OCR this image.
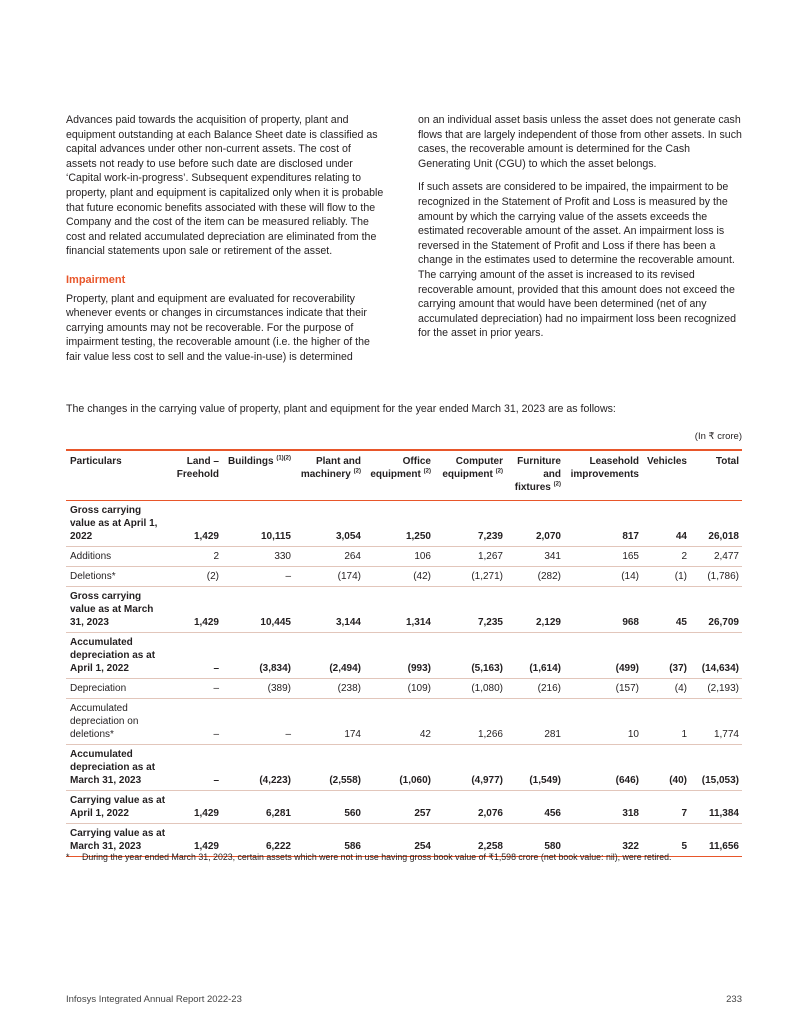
Advances paid towards the acquisition of property, plant and equipment outstanding at each Balance Sheet date is classified as capital advances under other non-current assets. The cost of assets not ready to use before such date are disclosed under ‘Capital work-in-progress’. Subsequent expenditures relating to property, plant and equipment is capitalized only when it is probable that future economic benefits associated with these will flow to the Company and the cost of the item can be measured reliably. The cost and related accumulated depreciation are eliminated from the financial statements upon sale or retirement of the asset.

Impairment

Property, plant and equipment are evaluated for recoverability whenever events or changes in circumstances indicate that their carrying amounts may not be recoverable. For the purpose of impairment testing, the recoverable amount (i.e. the higher of the fair value less cost to sell and the value-in-use) is determined

on an individual asset basis unless the asset does not generate cash flows that are largely independent of those from other assets. In such cases, the recoverable amount is determined for the Cash Generating Unit (CGU) to which the asset belongs.

If such assets are considered to be impaired, the impairment to be recognized in the Statement of Profit and Loss is measured by the amount by which the carrying value of the assets exceeds the estimated recoverable amount of the asset. An impairment loss is reversed in the Statement of Profit and Loss if there has been a change in the estimates used to determine the recoverable amount. The carrying amount of the asset is increased to its revised recoverable amount, provided that this amount does not exceed the carrying amount that would have been determined (net of any accumulated depreciation) had no impairment loss been recognized for the asset in prior years.

The changes in the carrying value of property, plant and equipment for the year ended March 31, 2023 are as follows:
(In ₹ crore)
Particulars	Land – Freehold	Buildings $^{(1)(2)}$	Plant and machinery $^{(2)}$	Office equipment $^{(2)}$	Computer equipment $^{(2)}$	Furniture and fixtures $^{(2)}$	Leasehold improvements	Vehicles	Total
Gross carrying value as at April 1, 2022	1,429	10,115	3,054	1,250	7,239	2,070	817	44	26,018
Additions	2	330	264	106	1,267	341	165	2	2,477
Deletions*	(2)	–	(174)	(42)	(1,271)	(282)	(14)	(1)	(1,786)
Gross carrying value as at March 31, 2023	1,429	10,445	3,144	1,314	7,235	2,129	968	45	26,709
Accumulated depreciation as at April 1, 2022	–	(3,834)	(2,494)	(993)	(5,163)	(1,614)	(499)	(37)	(14,634)
Depreciation	–	(389)	(238)	(109)	(1,080)	(216)	(157)	(4)	(2,193)
Accumulated depreciation on deletions*	–	–	174	42	1,266	281	10	1	1,774
Accumulated depreciation as at March 31, 2023	–	(4,223)	(2,558)	(1,060)	(4,977)	(1,549)	(646)	(40)	(15,053)
Carrying value as at April 1, 2022	1,429	6,281	560	257	2,076	456	318	7	11,384
Carrying value as at March 31, 2023	1,429	6,222	586	254	2,258	580	322	5	11,656
* During the year ended March 31, 2023, certain assets which were not in use having gross book value of ₹1,598 crore (net book value: nil), were retired.
Infosys Integrated Annual Report 2022-23	233
